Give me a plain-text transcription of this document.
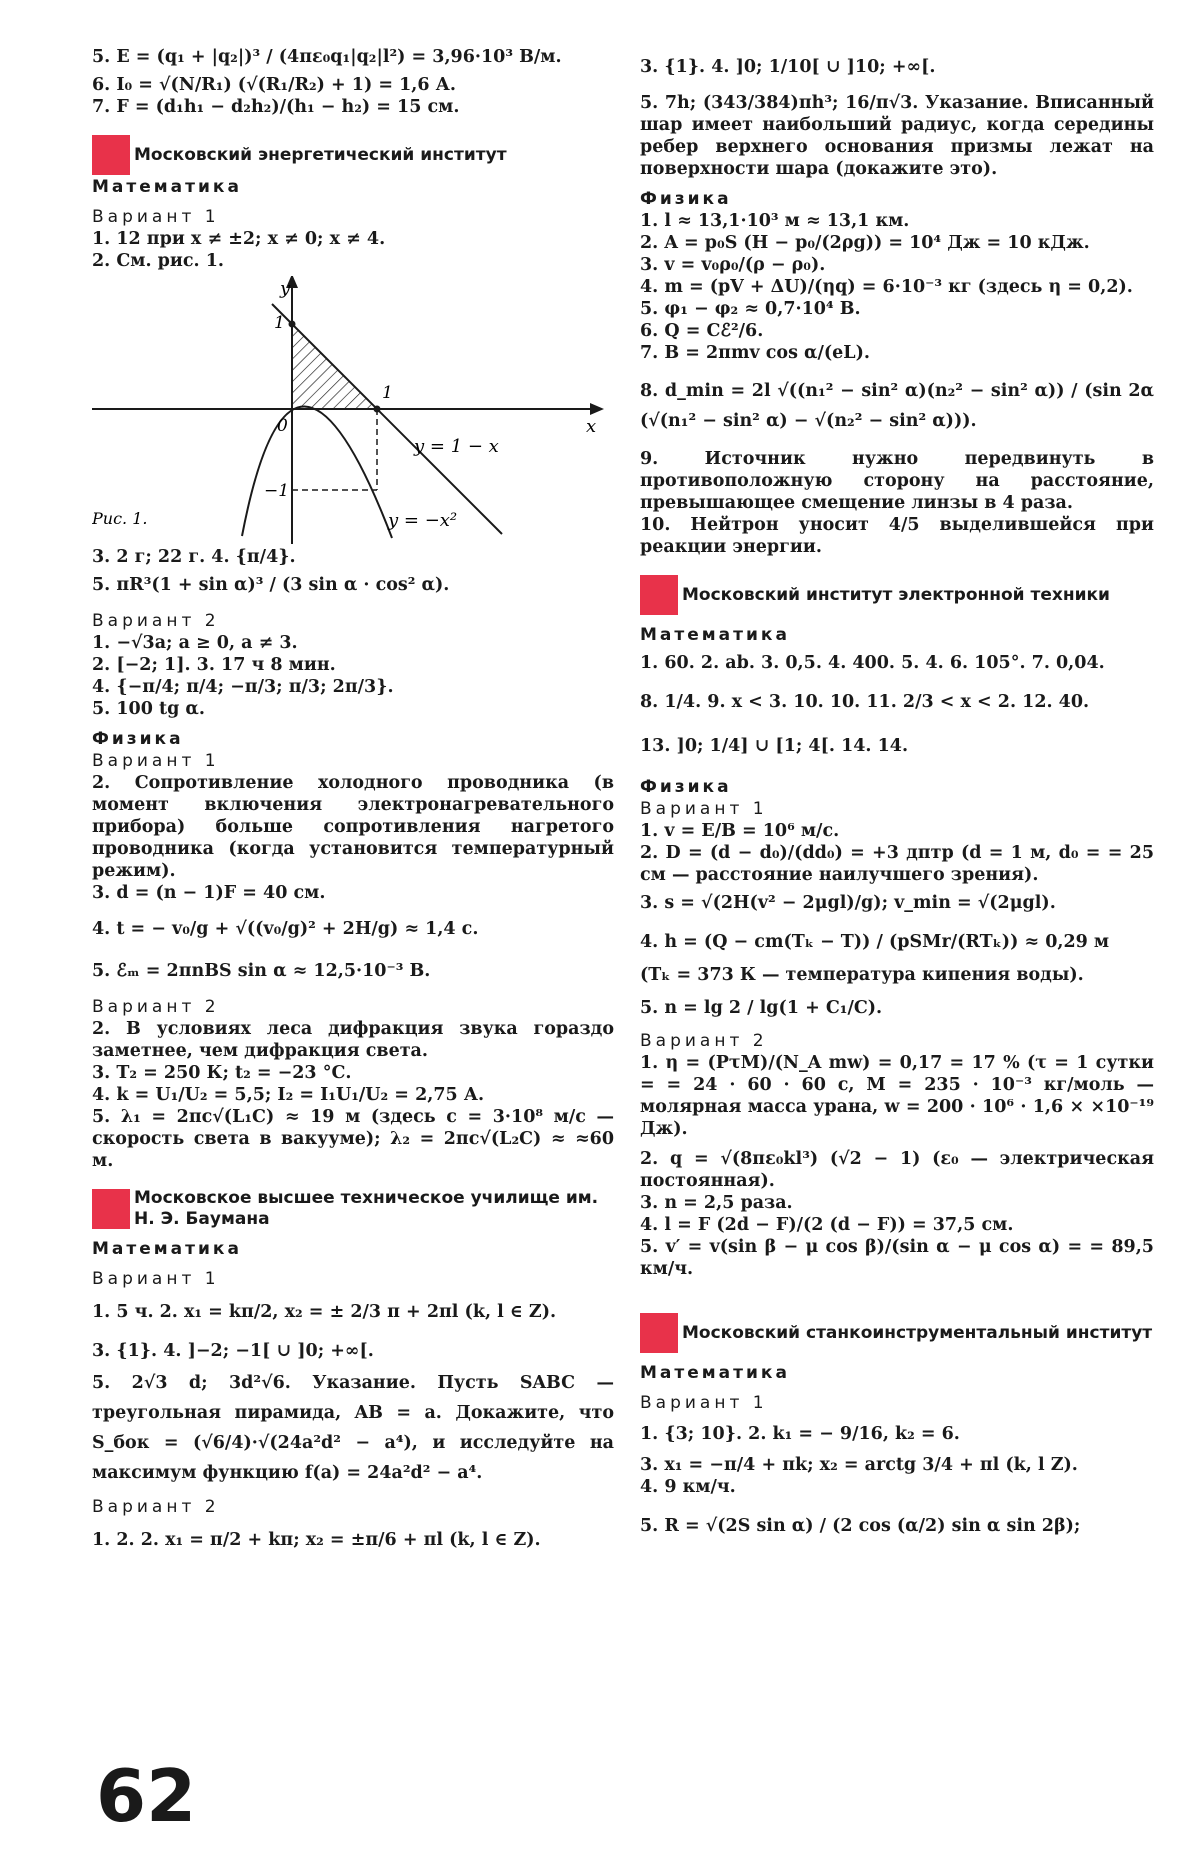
5. E = (q₁ + |q₂|)³ / (4πε₀q₁|q₂|l²) = 3,96·10³ В/м.
6. I₀ = √(N/R₁) (√(R₁/R₂) + 1) = 1,6 А.
7. F = (d₁h₁ − d₂h₂)/(h₁ − h₂) = 15 см.
Московский энергетический институт
Математика
Вариант 1
1. 12 при x ≠ ±2; x ≠ 0; x ≠ 4.
2. См. рис. 1.
y
x
0
1
1
−1
y = 1 − x
y = −x²
Рис. 1.
3. 2 г; 22 г. 4. {π/4}.
5. πR³(1 + sin α)³ / (3 sin α · cos² α).
Вариант 2
1. −√3a; a ≥ 0, a ≠ 3.
2. [−2; 1]. 3. 17 ч 8 мин.
4. {−π/4; π/4; −π/3; π/3; 2π/3}.
5. 100 tg α.
Физика
Вариант 1
2. Сопротивление холодного проводника (в момент включения электронагревательного прибора) больше сопротивления нагретого проводника (когда установится температурный режим).
3. d = (n − 1)F = 40 см.
4. t = − v₀/g + √((v₀/g)² + 2H/g) ≈ 1,4 с.
5. ℰₘ = 2πnBS sin α ≈ 12,5·10⁻³ В.
Вариант 2
2. В условиях леса дифракция звука гораздо заметнее, чем дифракция света.
3. T₂ = 250 К; t₂ = −23 °С.
4. k = U₁/U₂ = 5,5; I₂ = I₁U₁/U₂ = 2,75 А.
5. λ₁ = 2πc√(L₁C) ≈ 19 м (здесь c = 3·10⁸ м/с — скорость света в вакууме); λ₂ = 2πc√(L₂C) ≈ ≈60 м.
Московское высшее техническое училище им. Н. Э. Баумана
Математика
Вариант 1
1. 5 ч. 2. x₁ = kπ/2, x₂ = ± 2/3 π + 2πl (k, l ∈ Z).
3. {1}. 4. ]−2; −1[ ∪ ]0; +∞[.
5. 2√3 d; 3d²√6. Указание. Пусть SABC — треугольная пирамида, AB = a. Докажите, что S_бок = (√6/4)·√(24a²d² − a⁴), и исследуйте на максимум функцию f(a) = 24a²d² − a⁴.
Вариант 2
1. 2. 2. x₁ = π/2 + kπ; x₂ = ±π/6 + πl (k, l ∈ Z).
62
3. {1}. 4. ]0; 1/10[ ∪ ]10; +∞[.
5. 7h; (343/384)πh³; 16/π√3. Указание. Вписанный шар имеет наибольший радиус, когда середины ребер верхнего основания призмы лежат на поверхности шара (докажите это).
Физика
1. l ≈ 13,1·10³ м ≈ 13,1 км.
2. A = p₀S (H − p₀/(2ρg)) = 10⁴ Дж = 10 кДж.
3. v = v₀ρ₀/(ρ − ρ₀).
4. m = (pV + ΔU)/(ηq) = 6·10⁻³ кг (здесь η = 0,2).
5. φ₁ − φ₂ ≈ 0,7·10⁴ В.
6. Q = Cℰ²/6.
7. B = 2πmv cos α/(eL).
8. d_min = 2l √((n₁² − sin² α)(n₂² − sin² α)) / (sin 2α (√(n₁² − sin² α) − √(n₂² − sin² α))).
9. Источник нужно передвинуть в противоположную сторону на расстояние, превышающее смещение линзы в 4 раза.
10. Нейтрон уносит 4/5 выделившейся при реакции энергии.
Московский институт электронной техники
Математика
1. 60. 2. ab. 3. 0,5. 4. 400. 5. 4. 6. 105°. 7. 0,04.
8. 1/4. 9. x < 3. 10. 10. 11. 2/3 < x < 2. 12. 40.
13. ]0; 1/4] ∪ [1; 4[. 14. 14.
Физика
Вариант 1
1. v = E/B = 10⁶ м/с.
2. D = (d − d₀)/(dd₀) = +3 дптр (d = 1 м, d₀ = = 25 см — расстояние наилучшего зрения).
3. s = √(2H(v² − 2μgl)/g); v_min = √(2μgl).
4. h = (Q − cm(Tₖ − T)) / (pSMr/(RTₖ)) ≈ 0,29 м
(Tₖ = 373 К — температура кипения воды).
5. n = lg 2 / lg(1 + C₁/C).
Вариант 2
1. η = (PτM)/(N_A mw) = 0,17 = 17 % (τ = 1 сутки = = 24 · 60 · 60 с, M = 235 · 10⁻³ кг/моль — молярная масса урана, w = 200 · 10⁶ · 1,6 × ×10⁻¹⁹ Дж).
2. q = √(8πε₀kl³) (√2 − 1) (ε₀ — электрическая постоянная).
3. n = 2,5 раза.
4. l = F (2d − F)/(2 (d − F)) = 37,5 см.
5. v′ = v(sin β − μ cos β)/(sin α − μ cos α) = = 89,5 км/ч.
Московский станкоинструментальный институт
Математика
Вариант 1
1. {3; 10}. 2. k₁ = − 9/16, k₂ = 6.
3. x₁ = −π/4 + πk; x₂ = arctg 3/4 + πl (k, l Z).
4. 9 км/ч.
5. R = √(2S sin α) / (2 cos (α/2) sin α sin 2β);
